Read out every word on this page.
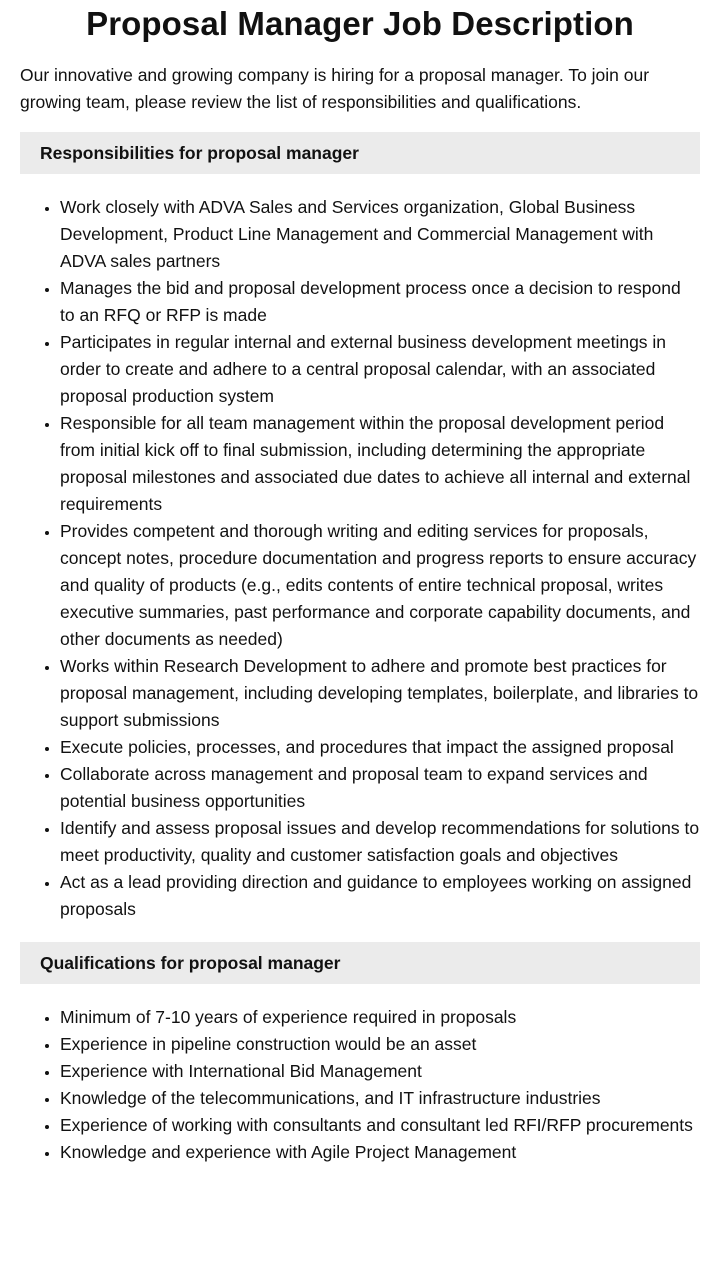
Proposal Manager Job Description

Our innovative and growing company is hiring for a proposal manager. To join our growing team, please review the list of responsibilities and qualifications.

Responsibilities for proposal manager
• Work closely with ADVA Sales and Services organization, Global Business Development, Product Line Management and Commercial Management with ADVA sales partners
• Manages the bid and proposal development process once a decision to respond to an RFQ or RFP is made
• Participates in regular internal and external business development meetings in order to create and adhere to a central proposal calendar, with an associated proposal production system
• Responsible for all team management within the proposal development period from initial kick off to final submission, including determining the appropriate proposal milestones and associated due dates to achieve all internal and external requirements
• Provides competent and thorough writing and editing services for proposals, concept notes, procedure documentation and progress reports to ensure accuracy and quality of products (e.g., edits contents of entire technical proposal, writes executive summaries, past performance and corporate capability documents, and other documents as needed)
• Works within Research Development to adhere and promote best practices for proposal management, including developing templates, boilerplate, and libraries to support submissions
• Execute policies, processes, and procedures that impact the assigned proposal
• Collaborate across management and proposal team to expand services and potential business opportunities
• Identify and assess proposal issues and develop recommendations for solutions to meet productivity, quality and customer satisfaction goals and objectives
• Act as a lead providing direction and guidance to employees working on assigned proposals
Qualifications for proposal manager
• Minimum of 7-10 years of experience required in proposals
• Experience in pipeline construction would be an asset
• Experience with International Bid Management
• Knowledge of the telecommunications, and IT infrastructure industries
• Experience of working with consultants and consultant led RFI/RFP procurements
• Knowledge and experience with Agile Project Management
